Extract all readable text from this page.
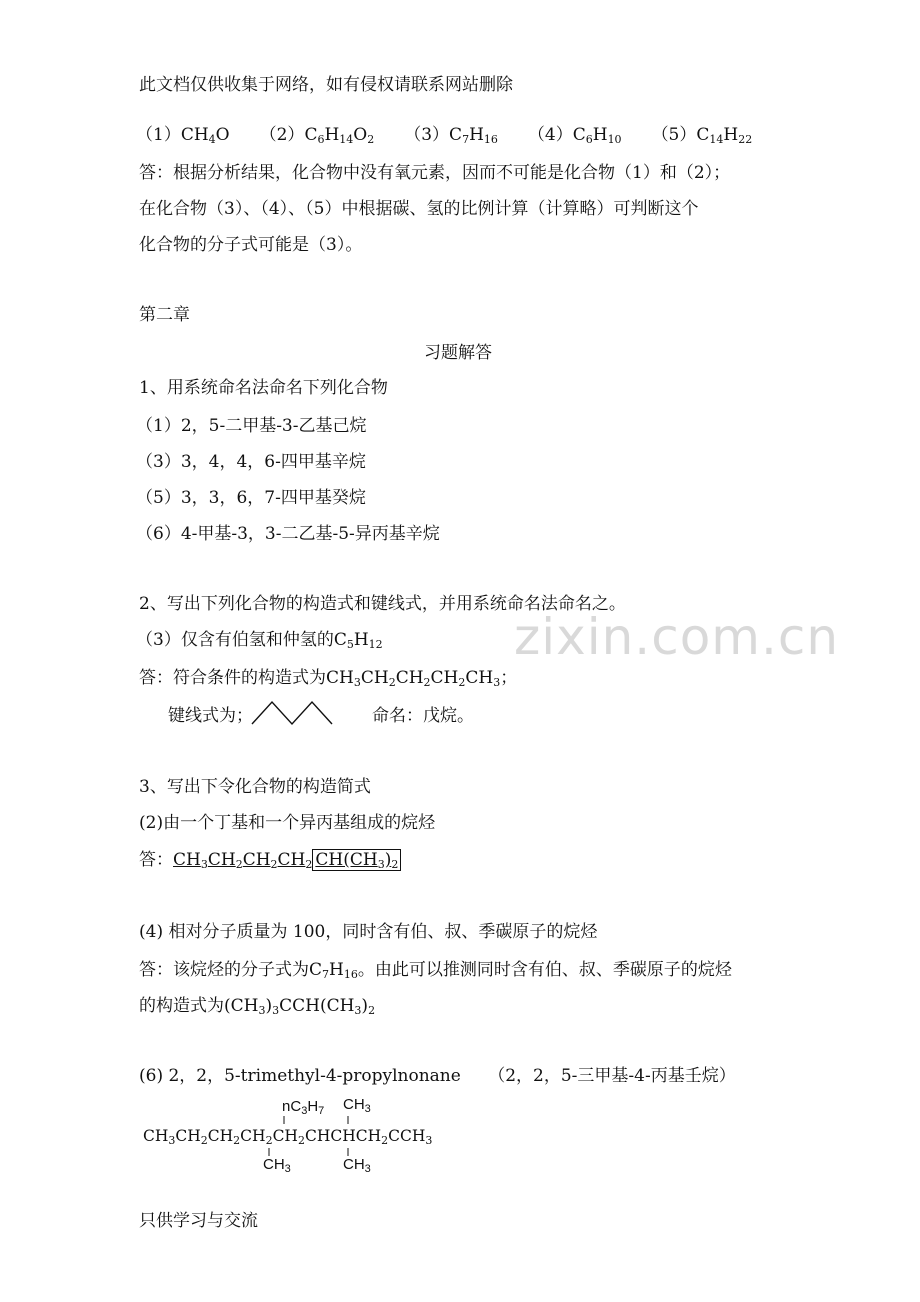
zixin.com.cn
此文档仅供收集于网络，如有侵权请联系网站删除
$(1)CH_4O$ $(2)C_6H_{14}O_2$ $(3)C_7H_{16}$ $(4)C_6H_{10}$ $(5)C_{14}H_{22}$
答：根据分析结果，化合物中没有氧元素，因而不可能是化合物（1）和（2）；
在化合物（3）、（4）、（5）中根据碳、氢的比例计算（计算略）可判断这个
化合物的分子式可能是（3）。
第二章
习题解答
1、用系统命名法命名下列化合物
（1）2，5-二甲基-3-乙基己烷
（3）3，4，4，6-四甲基辛烷
（5）3，3，6，7-四甲基癸烷
（6）4-甲基-3，3-二乙基-5-异丙基辛烷
2、写出下列化合物的构造式和键线式，并用系统命名法命名之。
（3）仅含有伯氢和仲氢的$C_5H_{12}$
答：符合条件的构造式为$CH_3CH_2CH_2CH_2CH_3$；
键线式为；	命名：戊烷。
3、写出下令化合物的构造简式
(2)由一个丁基和一个异丙基组成的烷烃
答：$CH_3CH_2CH_2CH_2$ $CH(CH_3)_2$
(4) 相对分子质量为 100，同时含有伯、叔、季碳原子的烷烃
答：该烷烃的分子式为$C_7H_{16}$。由此可以推测同时含有伯、叔、季碳原子的烷烃
的构造式为$(CH_3)_3CCH(CH_3)_2$
(6) 2，2，5-trimethyl-4-propylnonane （2，2，5-三甲基-4-丙基壬烷）
$nC_3H_7$ $CH_3$
$CH_3CH_2CH_2CH_2CH_2CHCHCH_2CCH_3$
$CH_3$	$CH_3$
只供学习与交流
